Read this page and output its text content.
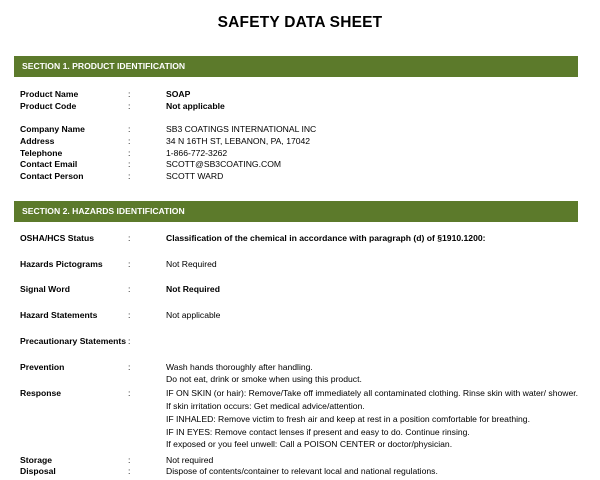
SAFETY DATA SHEET
SECTION 1. PRODUCT IDENTIFICATION
Product Name	:	SOAP
Product Code	:	Not applicable
Company Name	:	SB3 COATINGS INTERNATIONAL INC
Address	:	34 N 16TH ST, LEBANON, PA, 17042
Telephone	:	1-866-772-3262
Contact Email	:	SCOTT@SB3COATING.COM
Contact Person	:	SCOTT WARD
SECTION 2. HAZARDS IDENTIFICATION
OSHA/HCS Status	:	Classification of the chemical in accordance with paragraph (d) of §1910.1200:
Hazards Pictograms	:	Not Required
Signal Word	:	Not Required
Hazard Statements	:	Not applicable
Precautionary Statements :
Prevention	:	Wash hands thoroughly after handling.
Do not eat, drink or smoke when using this product.
Response	:	IF ON SKIN (or hair): Remove/Take off immediately all contaminated clothing. Rinse skin with water/ shower.
If skin irritation occurs: Get medical advice/attention.
IF INHALED: Remove victim to fresh air and keep at rest in a position comfortable for breathing.
IF IN EYES: Remove contact lenses if present and easy to do. Continue rinsing.
If exposed or you feel unwell: Call a POISON CENTER or doctor/physician.
Storage	:	Not required
Disposal	:	Dispose of contents/container to relevant local and national regulations.
